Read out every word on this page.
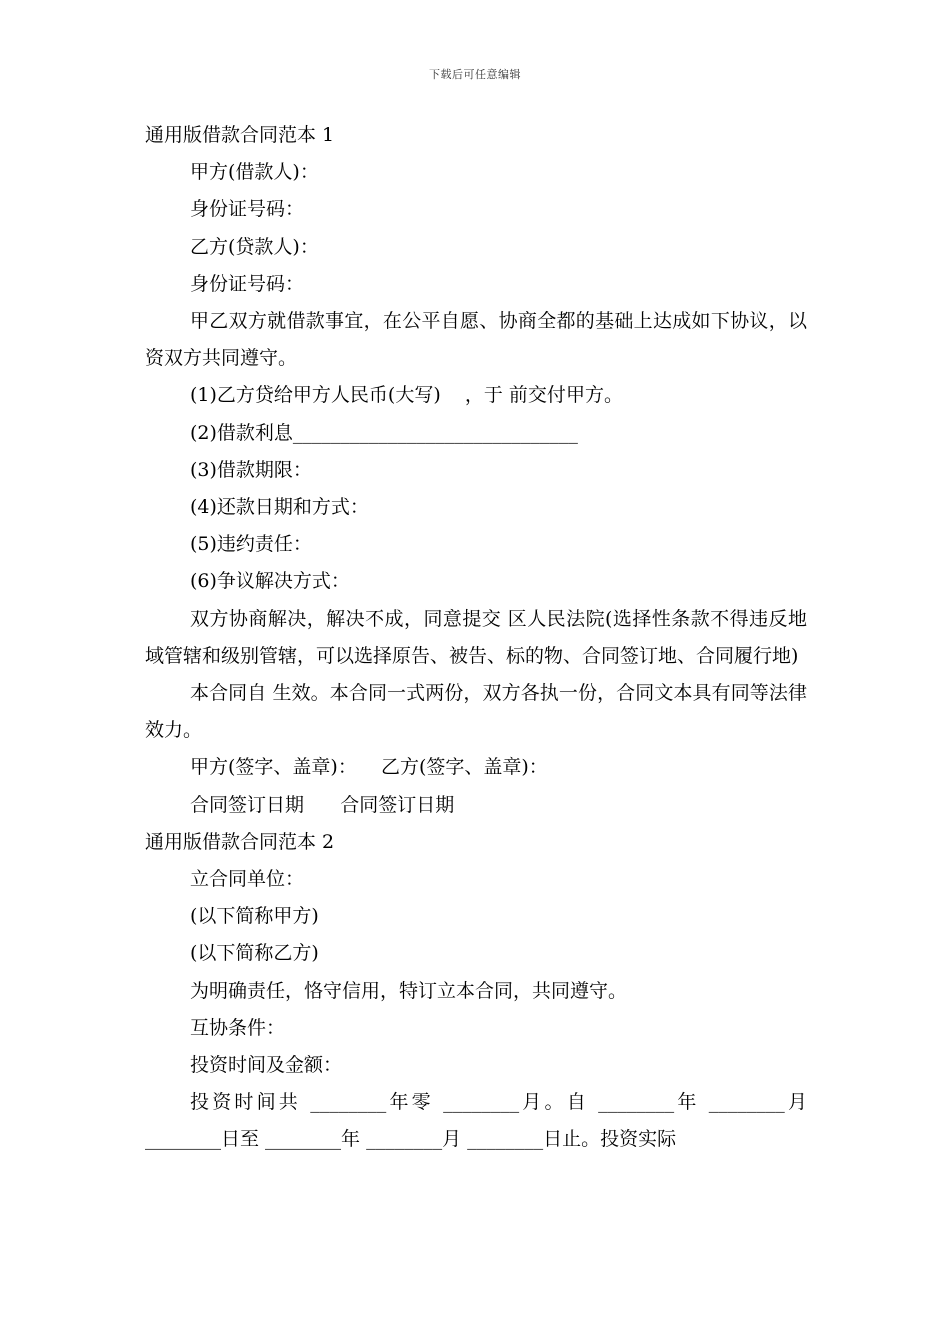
下载后可任意编辑

通用版借款合同范本 1

甲方(借款人)：

身份证号码：

乙方(贷款人)：

身份证号码：

甲乙双方就借款事宜，在公平自愿、协商全都的基础上达成如下协议，以资双方共同遵守。

(1)乙方贷给甲方人民币(大写)    ，于 前交付甲方。

(2)借款利息______________________________

(3)借款期限：

(4)还款日期和方式：

(5)违约责任：

(6)争议解决方式：

双方协商解决，解决不成，同意提交 区人民法院(选择性条款不得违反地域管辖和级别管辖，可以选择原告、被告、标的物、合同签订地、合同履行地)

本合同自 生效。本合同一式两份，双方各执一份，合同文本具有同等法律效力。

甲方(签字、盖章)：    乙方(签字、盖章)：

合同签订日期      合同签订日期

通用版借款合同范本 2

立合同单位：

(以下简称甲方)

(以下简称乙方)

为明确责任，恪守信用，特订立本合同，共同遵守。

互协条件：

投资时间及金额：

投资时间共 ________年零 ________月。自 ________年 ________月 ________日至 ________年 ________月 ________日止。投资实际
